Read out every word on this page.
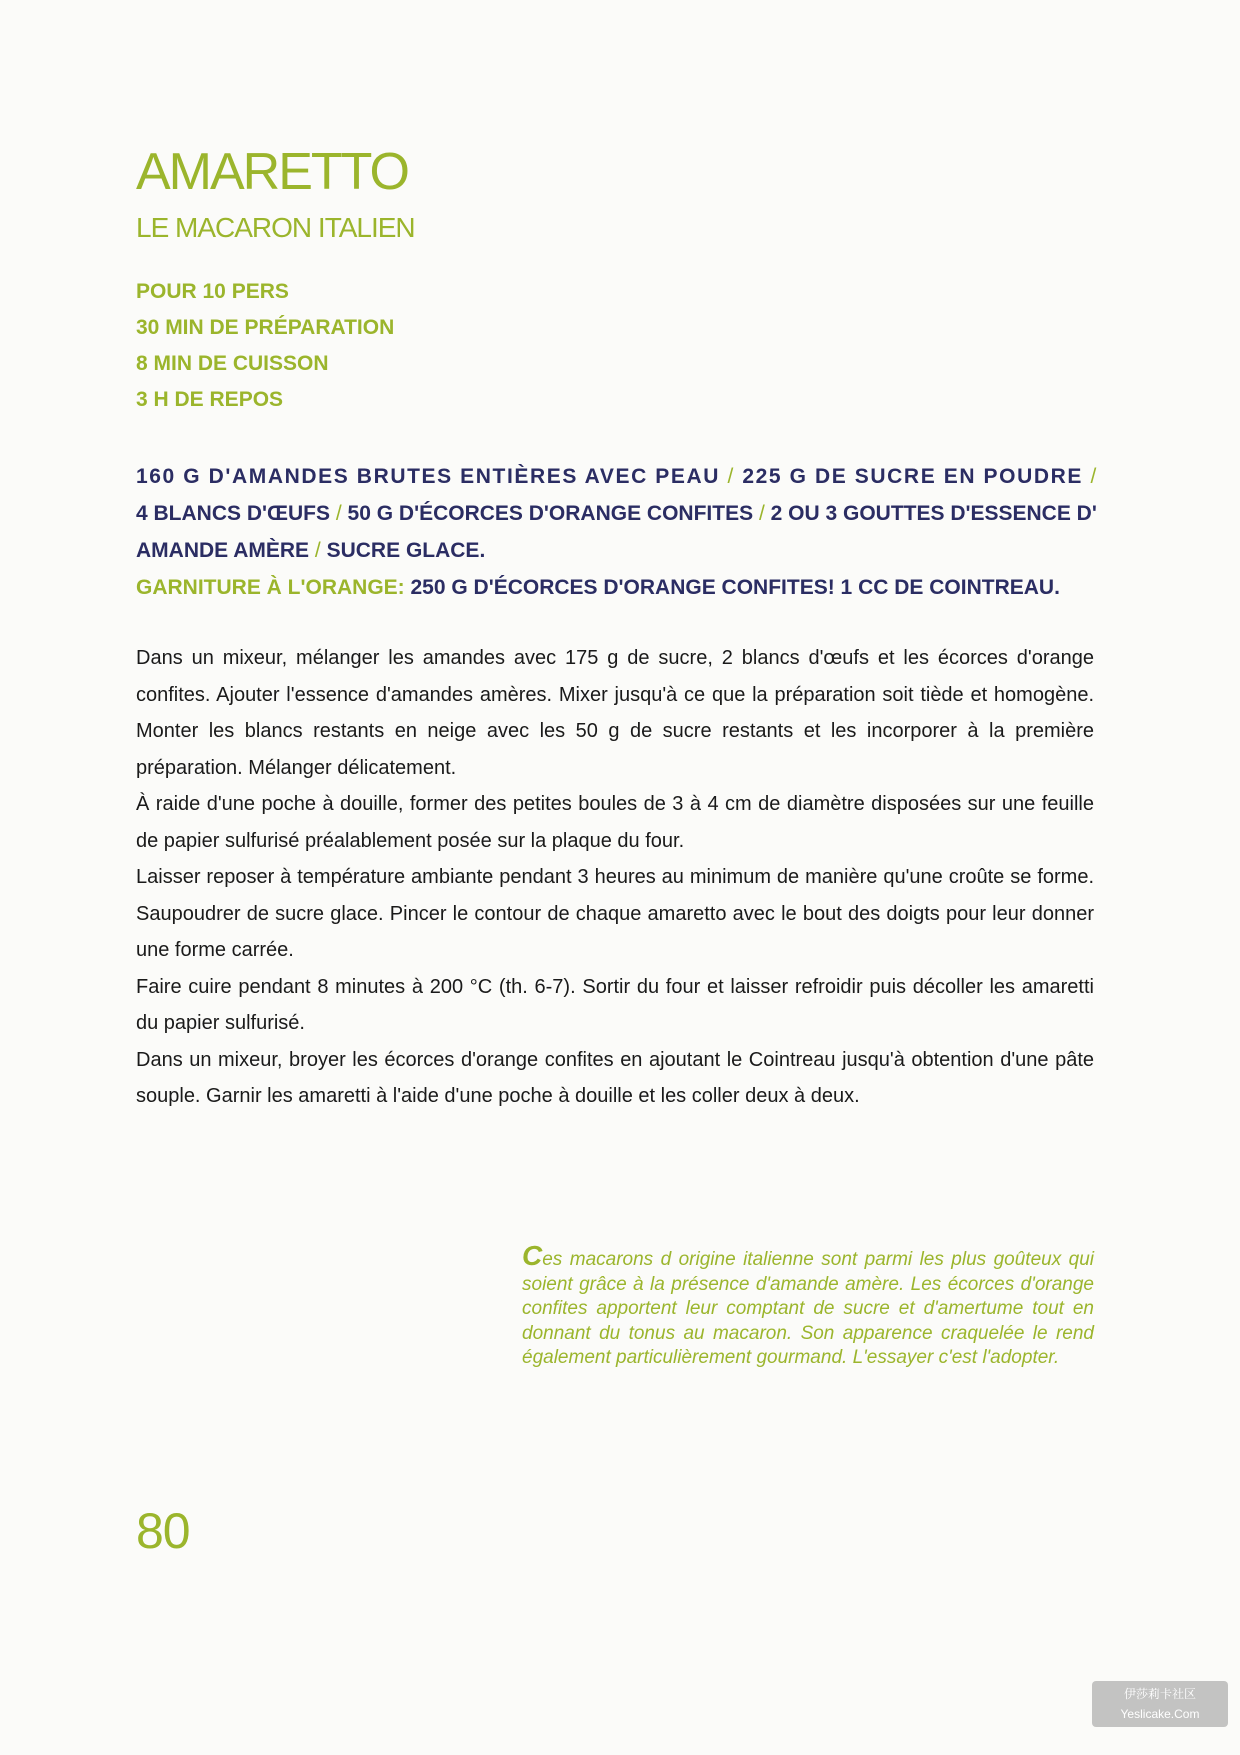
AMARETTO
LE MACARON ITALIEN
POUR 10 PERS
30 MIN DE PRÉPARATION
8 MIN DE CUISSON
3 H DE REPOS
160 G D'AMANDES BRUTES ENTIÈRES AVEC PEAU / 225 G DE SUCRE EN POUDRE /
4 BLANCS D'ŒUFS / 50 G D'ÉCORCES D'ORANGE CONFITES / 2 OU 3 GOUTTES D'ESSENCE D' AMANDE AMÈRE / SUCRE GLACE.
GARNITURE À L'ORANGE: 250 G D'ÉCORCES D'ORANGE CONFITES! 1 CC DE COINTREAU.

Dans un mixeur, mélanger les amandes avec 175 g de sucre, 2 blancs d'œufs et les écorces d'orange confites. Ajouter l'essence d'amandes amères. Mixer jusqu'à ce que la préparation soit tiède et homogène. Monter les blancs restants en neige avec les 50 g de sucre restants et les incorporer à la première préparation. Mélanger délicatement.

À raide d'une poche à douille, former des petites boules de 3 à 4 cm de diamètre disposées sur une feuille de papier sulfurisé préalablement posée sur la plaque du four.

Laisser reposer à température ambiante pendant 3 heures au minimum de manière qu'une croûte se forme. Saupoudrer de sucre glace. Pincer le contour de chaque amaretto avec le bout des doigts pour leur donner une forme carrée.

Faire cuire pendant 8 minutes à 200 °C (th. 6-7). Sortir du four et laisser refroidir puis décoller les amaretti du papier sulfurisé.

Dans un mixeur, broyer les écorces d'orange confites en ajoutant le Cointreau jusqu'à obtention d'une pâte souple. Garnir les amaretti à l'aide d'une poche à douille et les coller deux à deux.

Ces macarons d origine italienne sont parmi les plus goûteux qui soient grâce à la présence d'amande amère. Les écorces d'orange confites apportent leur comptant de sucre et d'amertume tout en donnant du tonus au macaron. Son apparence craquelée le rend également particulièrement gourmand. L'essayer c'est l'adopter.
80
伊莎莉卡社区
Yeslicake.Com
